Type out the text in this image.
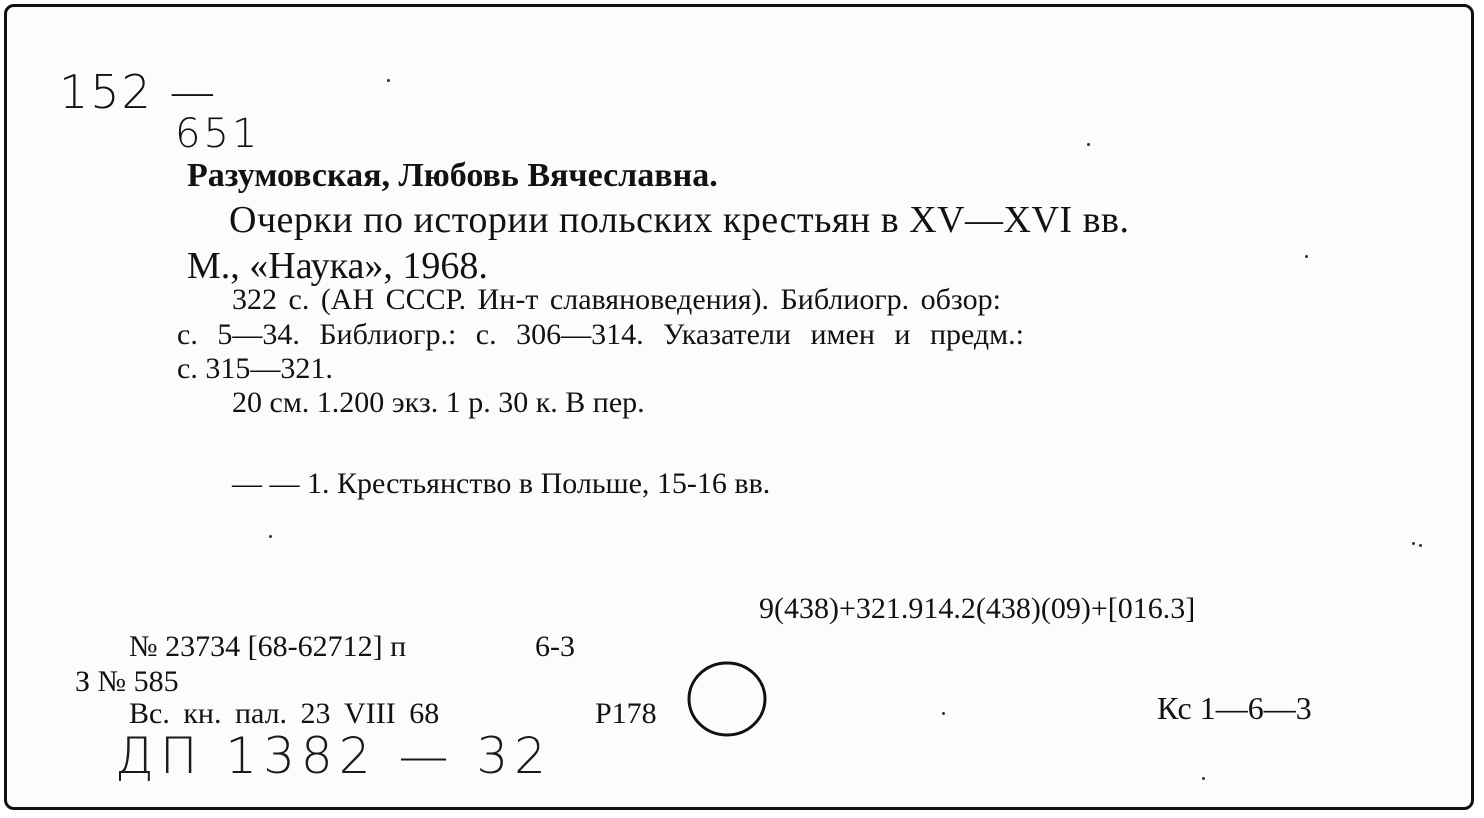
152 —
651
Разумовская, Любовь Вячеславна.
Очерки по истории польских крестьян в XV—XVI вв.
М., «Наука», 1968.
322 с. (АН СССР. Ин-т славяноведения). Библиогр. обзор:
с. 5—34. Библиогр.: с. 306—314. Указатели имен и предм.:
с. 315—321.
20 см. 1.200 экз. 1 р. 30 к. В пер.
— — 1. Крестьянство в Польше, 15-16 вв.
9(438)+321.914.2(438)(09)+[016.3]
№ 23734 [68-62712] п	6-3
З № 585
Вс. кн. пал. 23 VIII 68	Р178	Кс 1—6—3
ДП 1382 — 32
